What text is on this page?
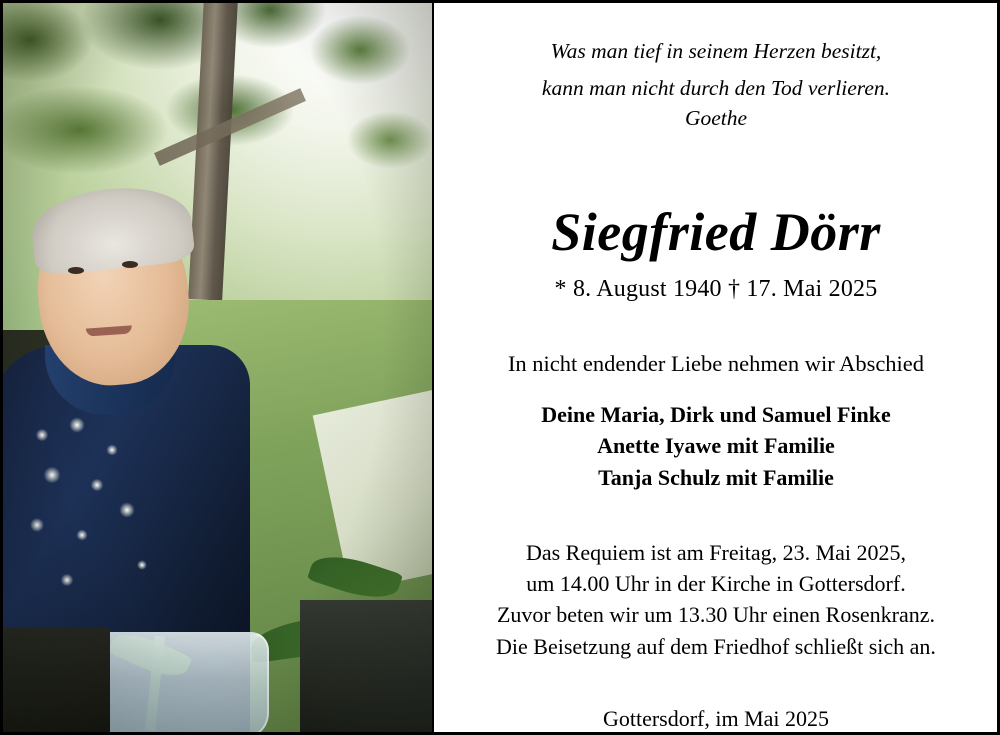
Was man tief in seinem Herzen besitzt,
kann man nicht durch den Tod verlieren.
Goethe
Siegfried Dörr
* 8. August 1940 † 17. Mai 2025
In nicht endender Liebe nehmen wir Abschied
Deine Maria, Dirk und Samuel Finke
Anette Iyawe mit Familie
Tanja Schulz mit Familie
Das Requiem ist am Freitag, 23. Mai 2025,
um 14.00 Uhr in der Kirche in Gottersdorf.
Zuvor beten wir um 13.30 Uhr einen Rosenkranz.
Die Beisetzung auf dem Friedhof schließt sich an.
Gottersdorf, im Mai 2025
